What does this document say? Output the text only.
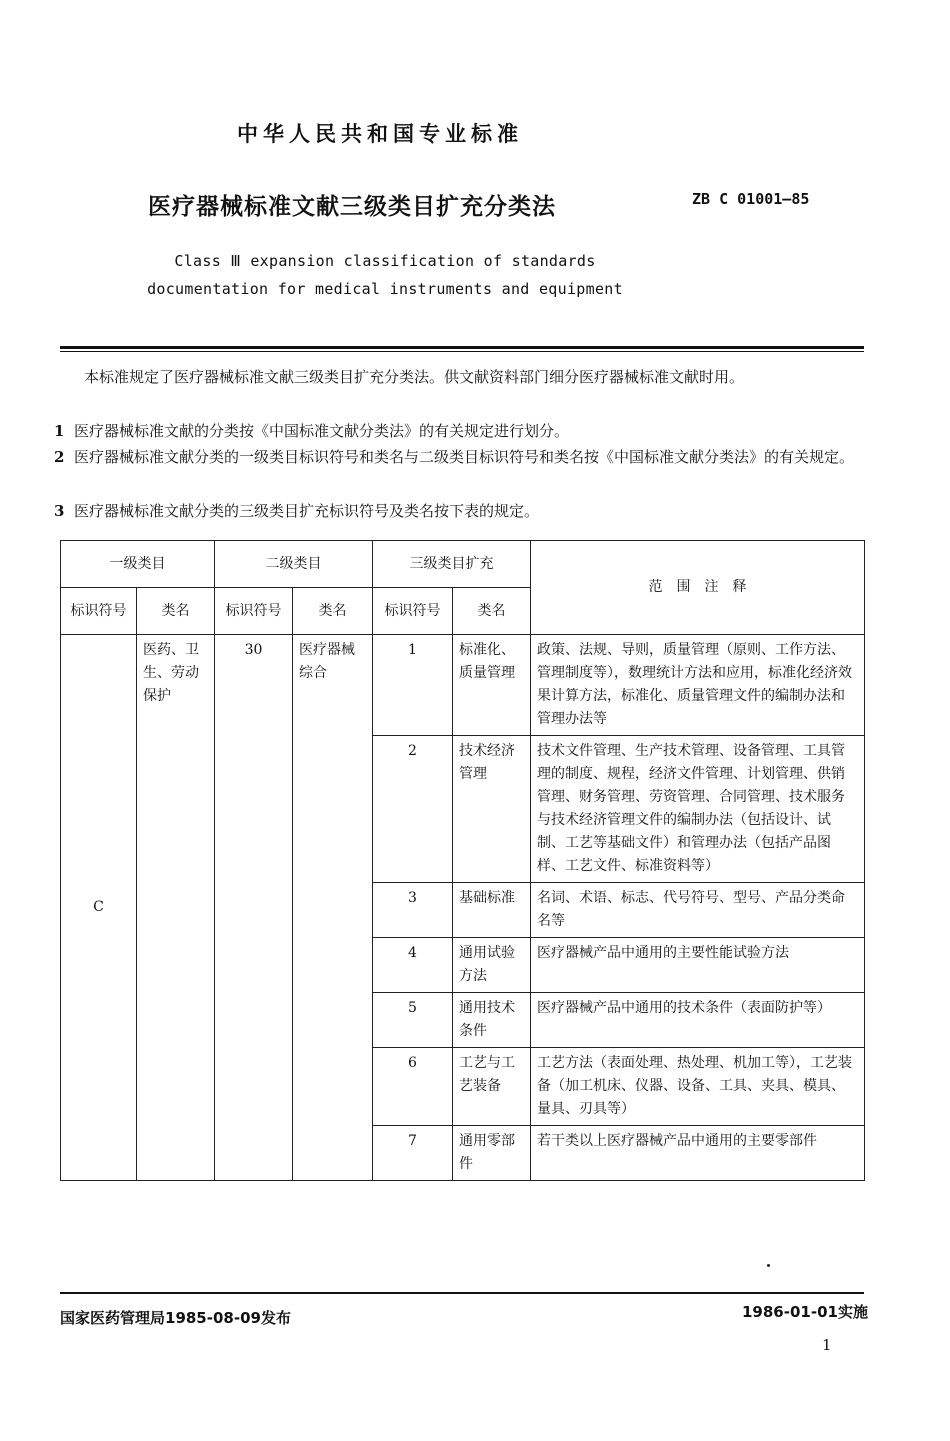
中华人民共和国专业标准
医疗器械标准文献三级类目扩充分类法	ZB C 01001—85
Class Ⅲ expansion classification of standards
documentation for medical instruments and equipment
本标准规定了医疗器械标准文献三级类目扩充分类法。供文献资料部门细分医疗器械标准文献时用。
1 医疗器械标准文献的分类按《中国标准文献分类法》的有关规定进行划分。
2 医疗器械标准文献分类的一级类目标识符号和类名与二级类目标识符号和类名按《中国标准文献分类法》的有关规定。
3 医疗器械标准文献分类的三级类目扩充标识符号及类名按下表的规定。
一级类目		二级类目		三级类目扩充		范　围　注　释
标识符号	类名	标识符号	类名	标识符号	类名	
C	医药、卫生、劳动保护	30	医疗器械综合	1	标准化、质量管理	政策、法规、导则，质量管理（原则、工作方法、管理制度等），数理统计方法和应用，标准化经济效果计算方法，标准化、质量管理文件的编制办法和管理办法等
				2	技术经济管理	技术文件管理、生产技术管理、设备管理、工具管理的制度、规程，经济文件管理、计划管理、供销管理、财务管理、劳资管理、合同管理、技术服务与技术经济管理文件的编制办法（包括设计、试制、工艺等基础文件）和管理办法（包括产品图样、工艺文件、标准资料等）
				3	基础标准	名词、术语、标志、代号符号、型号、产品分类命名等
				4	通用试验方法	医疗器械产品中通用的主要性能试验方法
				5	通用技术条件	医疗器械产品中通用的技术条件（表面防护等）
				6	工艺与工艺装备	工艺方法（表面处理、热处理、机加工等），工艺装备（加工机床、仪器、设备、工具、夹具、模具、量具、刃具等）
				7	通用零部件	若干类以上医疗器械产品中通用的主要零部件
国家医药管理局1985-08-09发布	1986-01-01实施
1
